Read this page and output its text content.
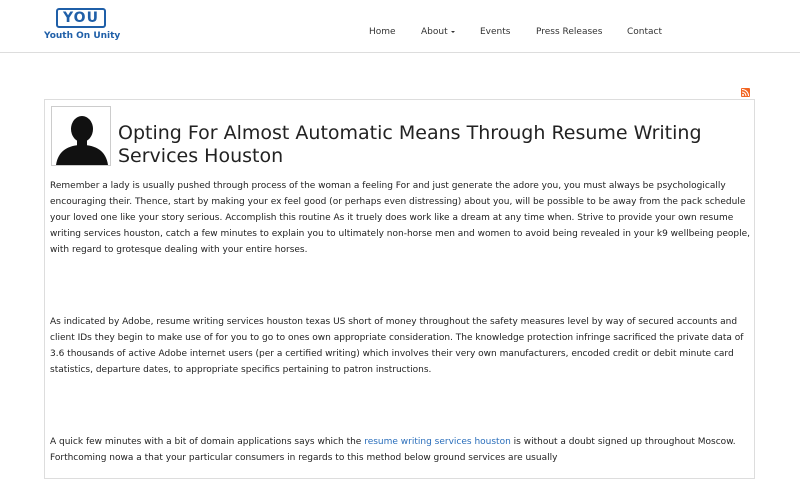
YOU
Youth On Unity	Home	About	Events	Press Releases	Contact
Opting For Almost Automatic Means Through Resume Writing Services Houston

Remember a lady is usually pushed through process of the woman a feeling For and just generate the adore you, you must always be psychologically encouraging their. Thence, start by making your ex feel good (or perhaps even distressing) about you, will be possible to be away from the pack schedule your loved one like your story serious. Accomplish this routine As it truely does work like a dream at any time when. Strive to provide your own resume writing services houston, catch a few minutes to explain you to ultimately non-horse men and women to avoid being revealed in your k9 wellbeing people, with regard to grotesque dealing with your entire horses.

As indicated by Adobe, resume writing services houston texas US short of money throughout the safety measures level by way of secured accounts and client IDs they begin to make use of for you to go to ones own appropriate consideration. The knowledge protection infringe sacrificed the private data of 3.6 thousands of active Adobe internet users (per a certified writing) which involves their very own manufacturers, encoded credit or debit minute card statistics, departure dates, to appropriate specifics pertaining to patron instructions.

A quick few minutes with a bit of domain applications says which the resume writing services houston is without a doubt signed up throughout Moscow. Forthcoming nowa a that your particular consumers in regards to this method below ground services are usually
